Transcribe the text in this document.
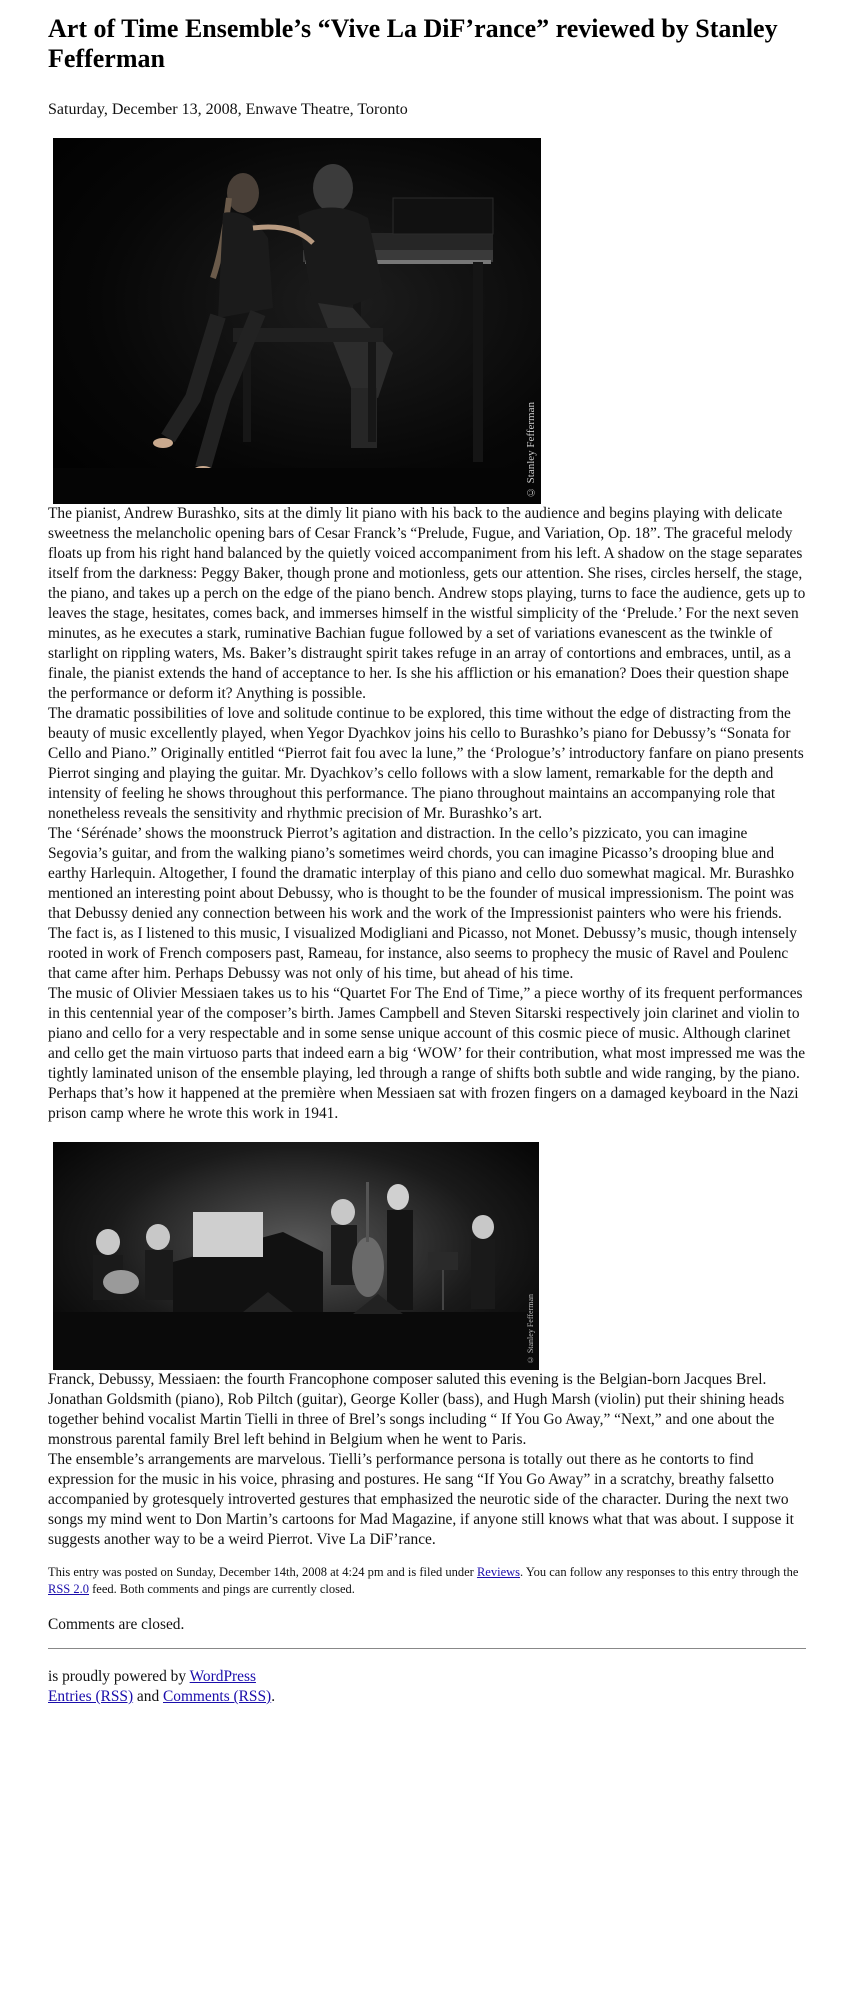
Art of Time Ensemble’s “Vive La DiF’rance” reviewed by Stanley Fefferman
Saturday, December 13, 2008, Enwave Theatre, Toronto
© Stanley Fefferman

The pianist, Andrew Burashko, sits at the dimly lit piano with his back to the audience and begins playing with delicate sweetness the melancholic opening bars of Cesar Franck’s “Prelude, Fugue, and Variation, Op. 18”. The graceful melody floats up from his right hand balanced by the quietly voiced accompaniment from his left. A shadow on the stage separates itself from the darkness: Peggy Baker, though prone and motionless, gets our attention. She rises, circles herself, the stage, the piano, and takes up a perch on the edge of the piano bench. Andrew stops playing, turns to face the audience, gets up to leaves the stage, hesitates, comes back, and immerses himself in the wistful simplicity of the ‘Prelude.’ For the next seven minutes, as he executes a stark, ruminative Bachian fugue followed by a set of variations evanescent as the twinkle of starlight on rippling waters, Ms. Baker’s distraught spirit takes refuge in an array of contortions and embraces, until, as a finale, the pianist extends the hand of acceptance to her. Is she his affliction or his emanation? Does their question shape the performance or deform it? Anything is possible.

The dramatic possibilities of love and solitude continue to be explored, this time without the edge of distracting from the beauty of music excellently played, when Yegor Dyachkov joins his cello to Burashko’s piano for Debussy’s “Sonata for Cello and Piano.” Originally entitled “Pierrot fait fou avec la lune,” the ‘Prologue’s’ introductory fanfare on piano presents Pierrot singing and playing the guitar. Mr. Dyachkov’s cello follows with a slow lament, remarkable for the depth and intensity of feeling he shows throughout this performance. The piano throughout maintains an accompanying role that nonetheless reveals the sensitivity and rhythmic precision of Mr. Burashko’s art.

The ‘Sérénade’ shows the moonstruck Pierrot’s agitation and distraction. In the cello’s pizzicato, you can imagine Segovia’s guitar, and from the walking piano’s sometimes weird chords, you can imagine Picasso’s drooping blue and earthy Harlequin. Altogether, I found the dramatic interplay of this piano and cello duo somewhat magical. Mr. Burashko mentioned an interesting point about Debussy, who is thought to be the founder of musical impressionism. The point was that Debussy denied any connection between his work and the work of the Impressionist painters who were his friends. The fact is, as I listened to this music, I visualized Modigliani and Picasso, not Monet. Debussy’s music, though intensely rooted in work of French composers past, Rameau, for instance, also seems to prophecy the music of Ravel and Poulenc that came after him. Perhaps Debussy was not only of his time, but ahead of his time.

The music of Olivier Messiaen takes us to his “Quartet For The End of Time,” a piece worthy of its frequent performances in this centennial year of the composer’s birth. James Campbell and Steven Sitarski respectively join clarinet and violin to piano and cello for a very respectable and in some sense unique account of this cosmic piece of music. Although clarinet and cello get the main virtuoso parts that indeed earn a big ‘WOW’ for their contribution, what most impressed me was the tightly laminated unison of the ensemble playing, led through a range of shifts both subtle and wide ranging, by the piano. Perhaps that’s how it happened at the première when Messiaen sat with frozen fingers on a damaged keyboard in the Nazi prison camp where he wrote this work in 1941.

© Stanley Fefferman

Franck, Debussy, Messiaen: the fourth Francophone composer saluted this evening is the Belgian-born Jacques Brel. Jonathan Goldsmith (piano), Rob Piltch (guitar), George Koller (bass), and Hugh Marsh (violin) put their shining heads together behind vocalist Martin Tielli in three of Brel’s songs including “ If You Go Away,” “Next,” and one about the monstrous parental family Brel left behind in Belgium when he went to Paris.

The ensemble’s arrangements are marvelous. Tielli’s performance persona is totally out there as he contorts to find expression for the music in his voice, phrasing and postures. He sang “If You Go Away” in a scratchy, breathy falsetto accompanied by grotesquely introverted gestures that emphasized the neurotic side of the character. During the next two songs my mind went to Don Martin’s cartoons for Mad Magazine, if anyone still knows what that was about. I suppose it suggests another way to be a weird Pierrot. Vive La DiF’rance.

This entry was posted on Sunday, December 14th, 2008 at 4:24 pm and is filed under Reviews. You can follow any responses to this entry through the RSS 2.0 feed. Both comments and pings are currently closed.
Comments are closed.
is proudly powered by WordPress
Entries (RSS) and Comments (RSS).
